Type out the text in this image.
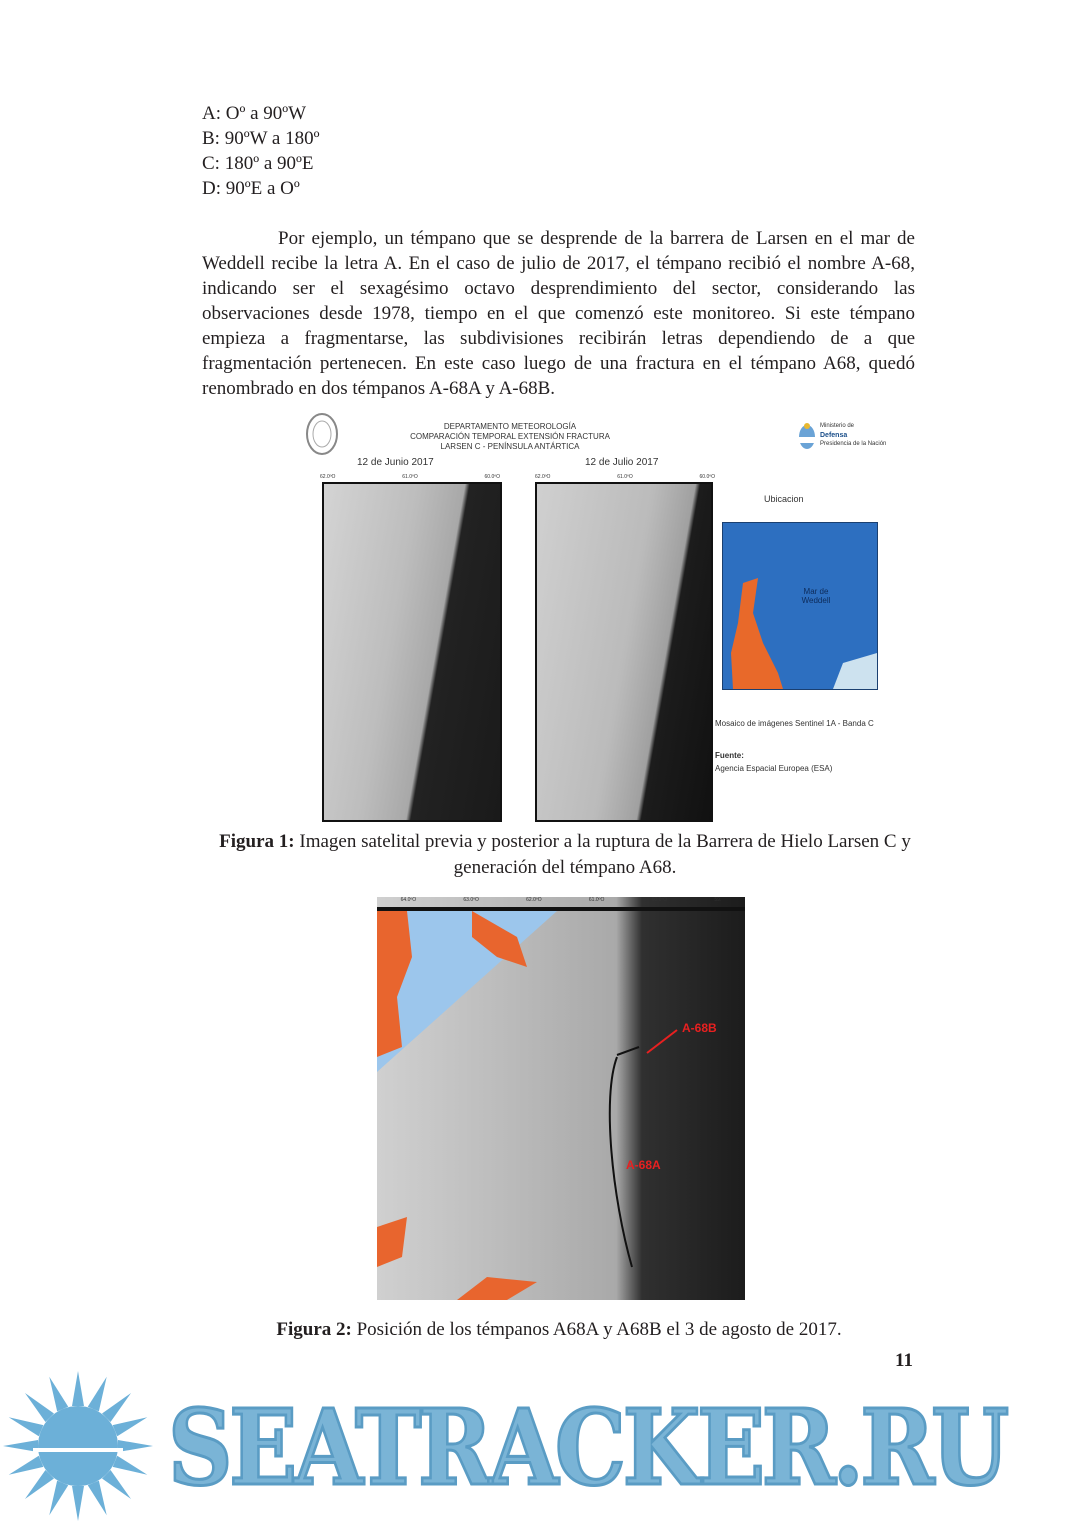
A: Oº a 90ºW
B: 90ºW a 180º
C: 180º a 90ºE
D: 90ºE a Oº
Por ejemplo, un témpano que se desprende de la barrera de Larsen en el mar de Weddell recibe la letra A. En el caso de julio de 2017, el témpano recibió el nombre A-68, indicando ser el sexagésimo octavo desprendimiento del sector, considerando las observaciones desde 1978, tiempo en el que comenzó este monitoreo. Si este témpano empieza a fragmentarse, las subdivisiones recibirán letras dependiendo de a que fragmentación pertenecen. En este caso luego de una fractura en el témpano A68, quedó renombrado en dos témpanos A-68A y A-68B.
DEPARTAMENTO METEOROLOGÍA
COMPARACIÓN TEMPORAL EXTENSIÓN FRACTURA
LARSEN C - PENÍNSULA ANTÁRTICA
Ministerio de
Defensa
Presidencia de la Nación
12 de Junio 2017	12 de Julio 2017
62.0ºO	61.0ºO	60.0ºO	62.0ºO	61.0ºO	60.0ºO
Ubicacion
Mar de Weddell
Mosaico de imágenes Sentinel 1A - Banda C
Fuente:
Agencia Espacial Europea (ESA)
Figura 1: Imagen satelital previa y posterior a la ruptura de la Barrera de Hielo Larsen C y generación del témpano A68.
64.0ºO	63.0ºO	62.0ºO	61.0ºO	60.0ºO	59.
A-68B
A-68A
Figura 2: Posición de los témpanos A68A y A68B el 3 de agosto de 2017.
SEATRACKER.RU
11
